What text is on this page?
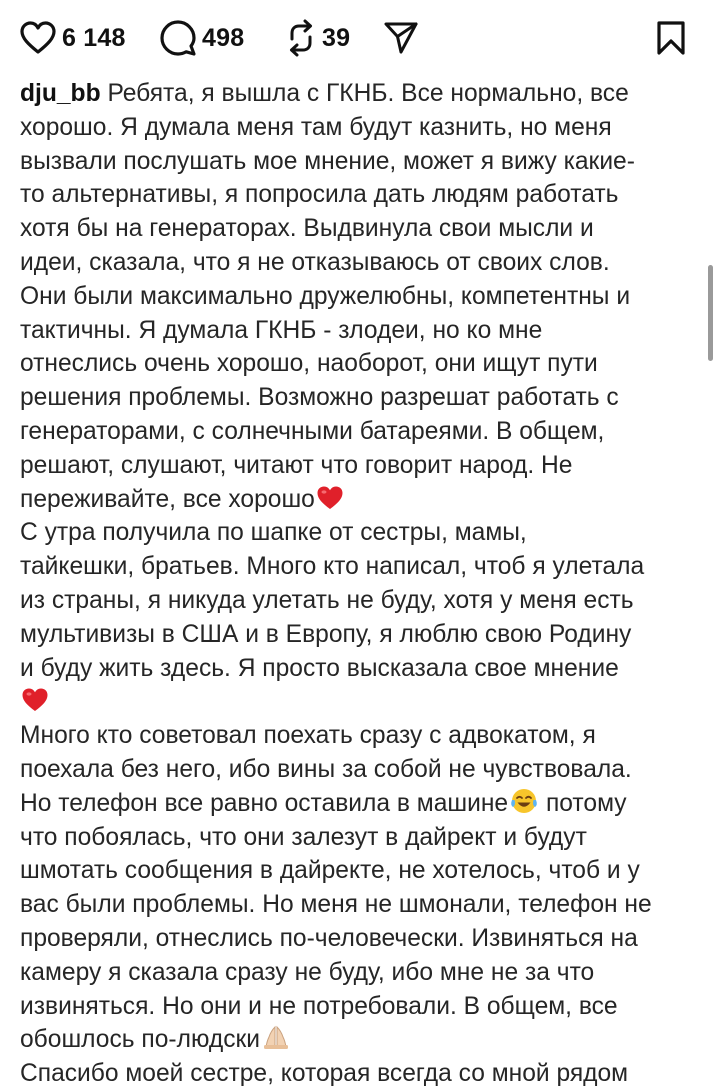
6 148	498	39
dju_bb Ребята, я вышла с ГКНБ. Все нормально, все
хорошо. Я думала меня там будут казнить, но меня
вызвали послушать мое мнение, может я вижу какие-
то альтернативы, я попросила дать людям работать
хотя бы на генераторах. Выдвинула свои мысли и
идеи, сказала, что я не отказываюсь от своих слов.
Они были максимально дружелюбны, компетентны и
тактичны. Я думала ГКНБ - злодеи, но ко мне
отнеслись очень хорошо, наоборот, они ищут пути
решения проблемы. Возможно разрешат работать с
генераторами, с солнечными батареями. В общем,
решают, слушают, читают что говорит народ. Не
переживайте, все хорошо
С утра получила по шапке от сестры, мамы,
тайкешки, братьев. Много кто написал, чтоб я улетала
из страны, я никуда улетать не буду, хотя у меня есть
мультивизы в США и в Европу, я люблю свою Родину
и буду жить здесь. Я просто высказала свое мнение
Много кто советовал поехать сразу с адвокатом, я
поехала без него, ибо вины за собой не чувствовала.
Но телефон все равно оставила в машине потому
что побоялась, что они залезут в дайрект и будут
шмотать сообщения в дайректе, не хотелось, чтоб и у
вас были проблемы. Но меня не шмонали, телефон не
проверяли, отнеслись по-человечески. Извиняться на
камеру я сказала сразу не буду, ибо мне не за что
извиняться. Но они и не потребовали. В общем, все
обошлось по-людски
Спасибо моей сестре, которая всегда со мной рядом
